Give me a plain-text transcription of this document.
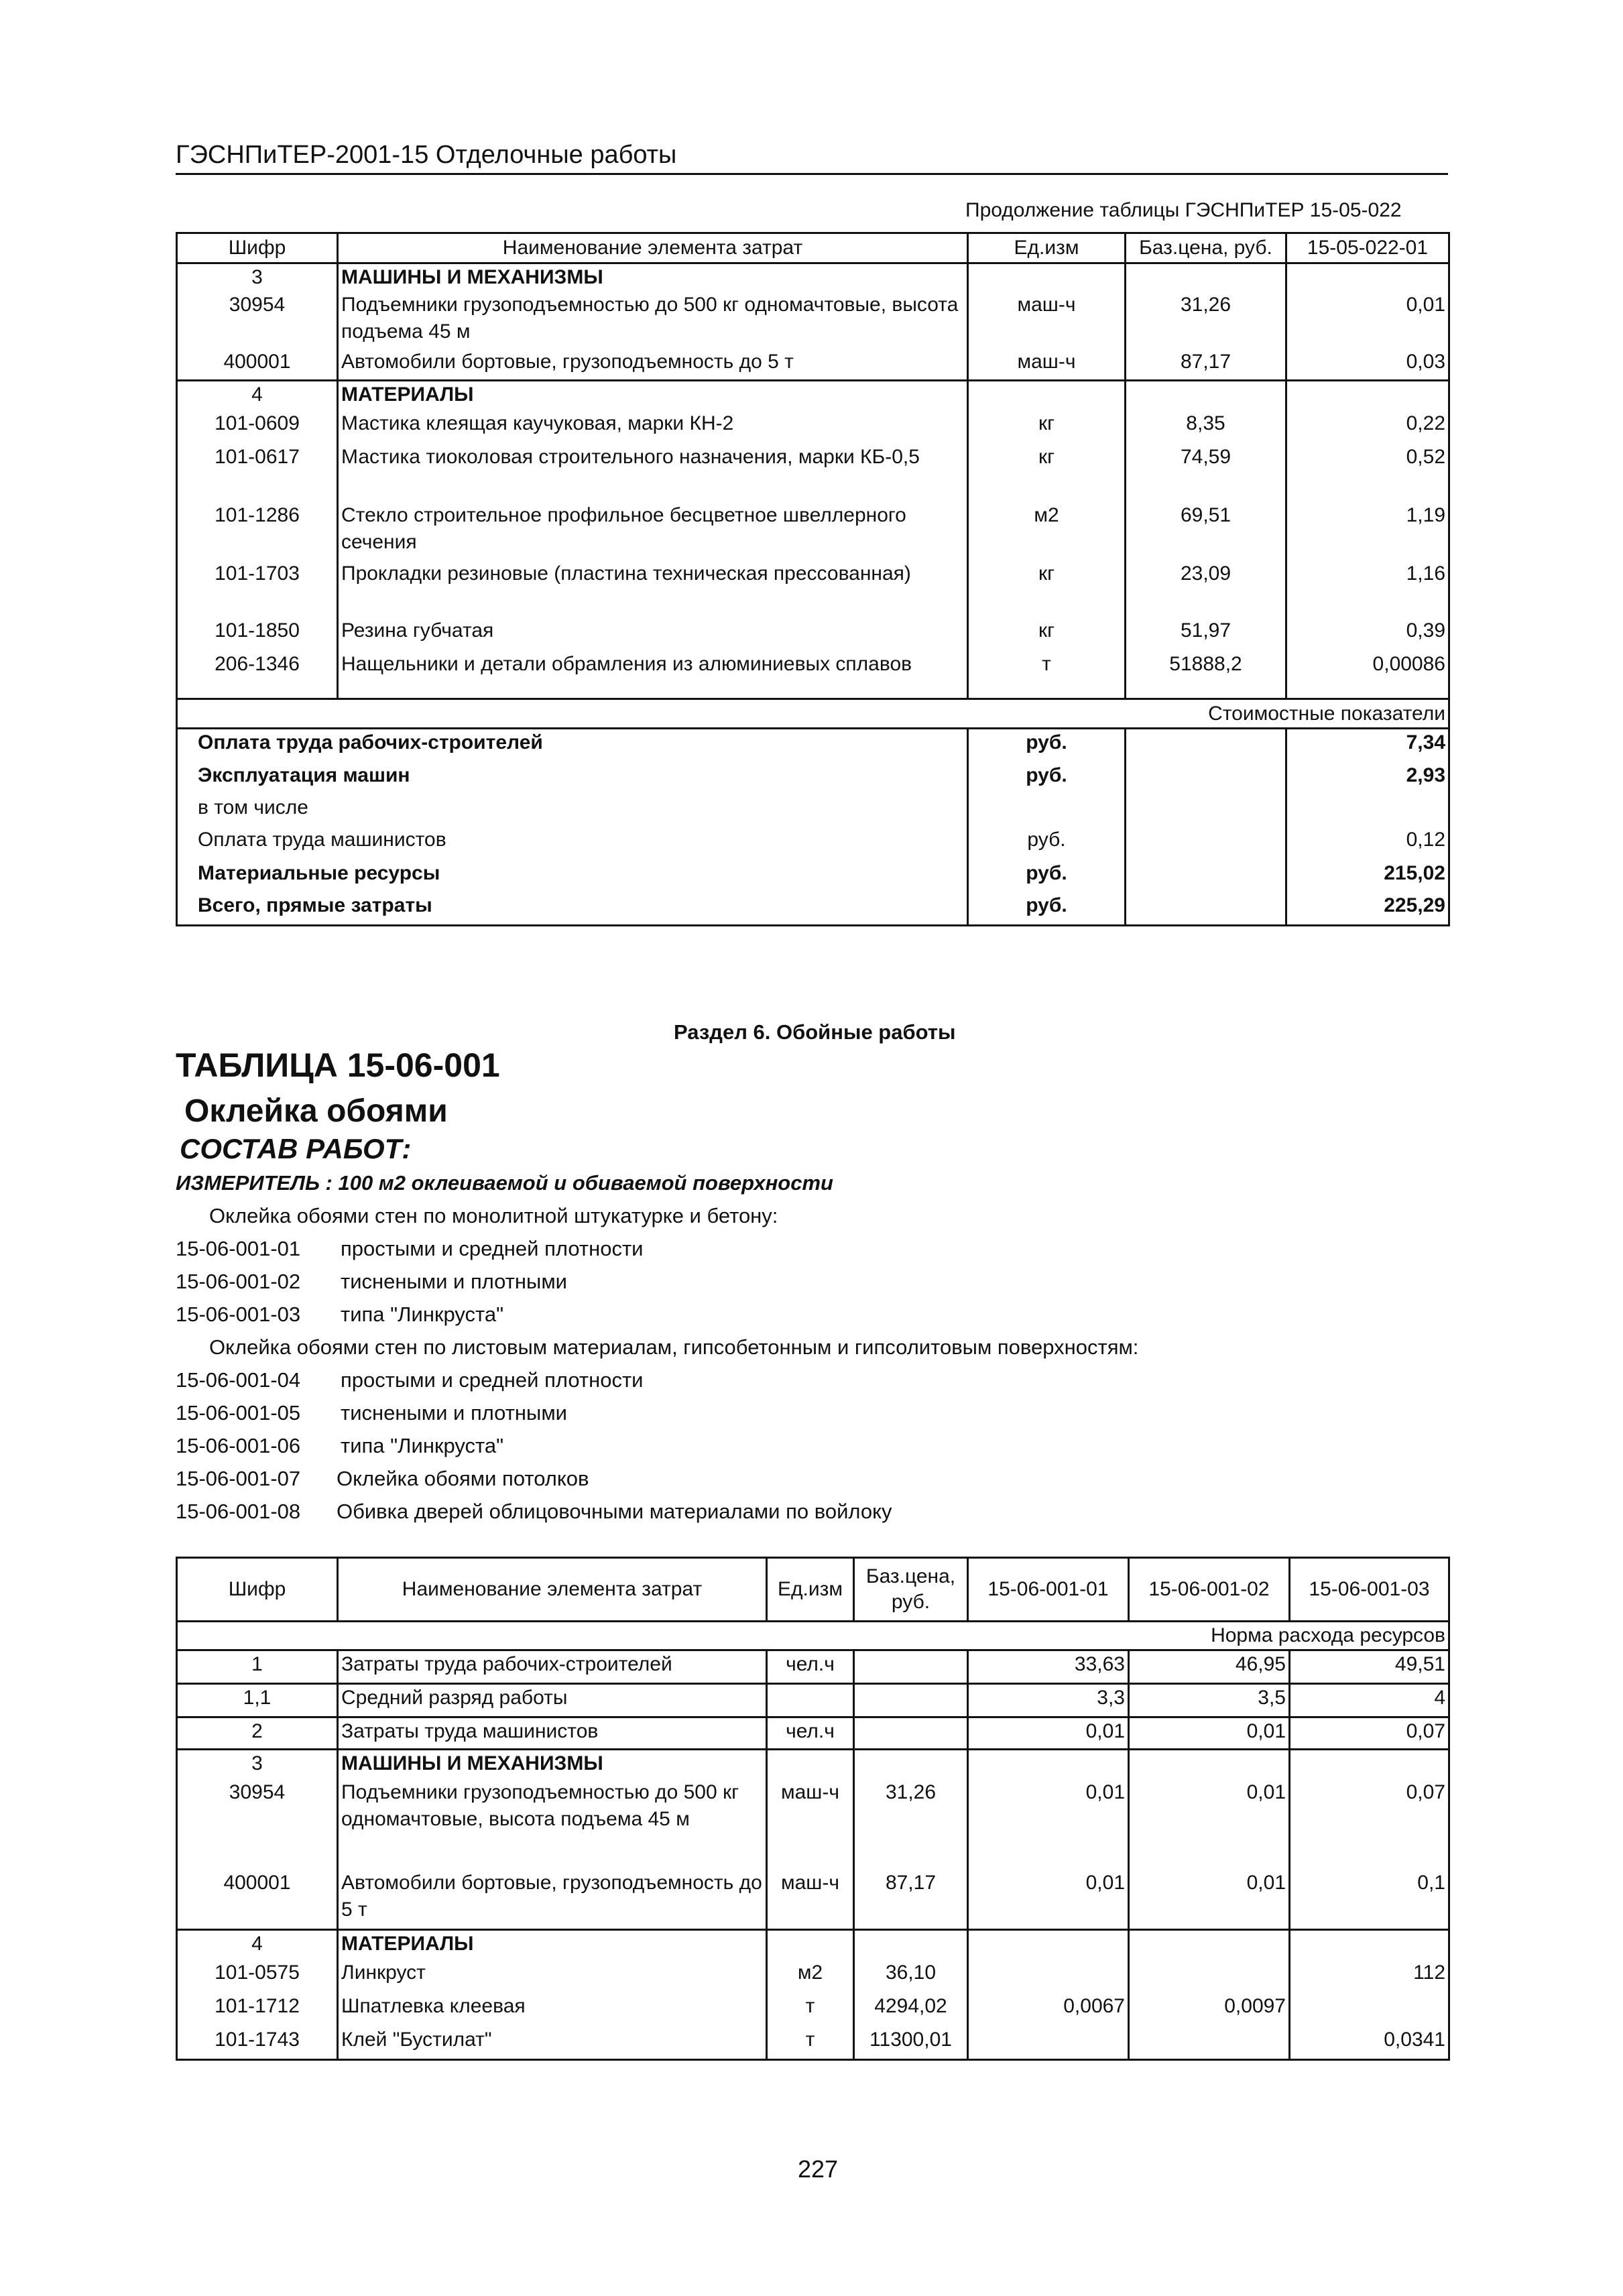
ГЭСНПиТЕР-2001-15 Отделочные работы
Продолжение таблицы ГЭСНПиТЕР 15-05-022
Шифр	Наименование элемента затрат	Ед.изм	Баз.цена, руб.	15-05-022-01
3	МАШИНЫ И МЕХАНИЗМЫ			
30954	Подъемники грузоподъемностью до 500 кг одномачтовые, высота подъема 45 м	маш-ч	31,26	0,01
400001	Автомобили бортовые, грузоподъемность до 5 т	маш-ч	87,17	0,03
4	МАТЕРИАЛЫ			
101-0609	Мастика клеящая каучуковая, марки КН-2	кг	8,35	0,22
101-0617	Мастика тиоколовая строительного назначения, марки КБ-0,5	кг	74,59	0,52
101-1286	Стекло строительное профильное бесцветное швеллерного сечения	м2	69,51	1,19
101-1703	Прокладки резиновые (пластина техническая прессованная)	кг	23,09	1,16
101-1850	Резина губчатая	кг	51,97	0,39
206-1346	Нащельники и детали обрамления из алюминиевых сплавов	т	51888,2	0,00086
Стоимостные показатели				
Оплата труда рабочих-строителей		руб.		7,34
Эксплуатация машин		руб.		2,93
в том числе				
Оплата труда машинистов		руб.		0,12
Материальные ресурсы		руб.		215,02
Всего, прямые затраты		руб.		225,29
Раздел 6. Обойные работы
ТАБЛИЦА 15-06-001
Оклейка обоями
СОСТАВ РАБОТ:
ИЗМЕРИТЕЛЬ : 100 м2 оклеиваемой и обиваемой поверхности
Оклейка обоями стен по монолитной штукатурке и бетону:
15-06-001-01 простыми и средней плотности
15-06-001-02 тиснеными и плотными
15-06-001-03 типа "Линкруста"
Оклейка обоями стен по листовым материалам, гипсобетонным и гипсолитовым поверхностям:
15-06-001-04 простыми и средней плотности
15-06-001-05 тиснеными и плотными
15-06-001-06 типа "Линкруста"
15-06-001-07 Оклейка обоями потолков
15-06-001-08 Обивка дверей облицовочными материалами по войлоку
Шифр	Наименование элемента затрат	Ед.изм	Баз.цена, руб.	15-06-001-01	15-06-001-02	15-06-001-03
Норма расхода ресурсов						
1	Затраты труда рабочих-строителей	чел.ч		33,63	46,95	49,51
1,1	Средний разряд работы			3,3	3,5	4
2	Затраты труда машинистов	чел.ч		0,01	0,01	0,07
3	МАШИНЫ И МЕХАНИЗМЫ					
30954	Подъемники грузоподъемностью до 500 кг одномачтовые, высота подъема 45 м	маш-ч	31,26	0,01	0,01	0,07
400001	Автомобили бортовые, грузоподъемность до 5 т	маш-ч	87,17	0,01	0,01	0,1
4	МАТЕРИАЛЫ					
101-0575	Линкруст	м2	36,10			112
101-1712	Шпатлевка клеевая	т	4294,02	0,0067	0,0097	
101-1743	Клей "Бустилат"	т	11300,01			0,0341
227
